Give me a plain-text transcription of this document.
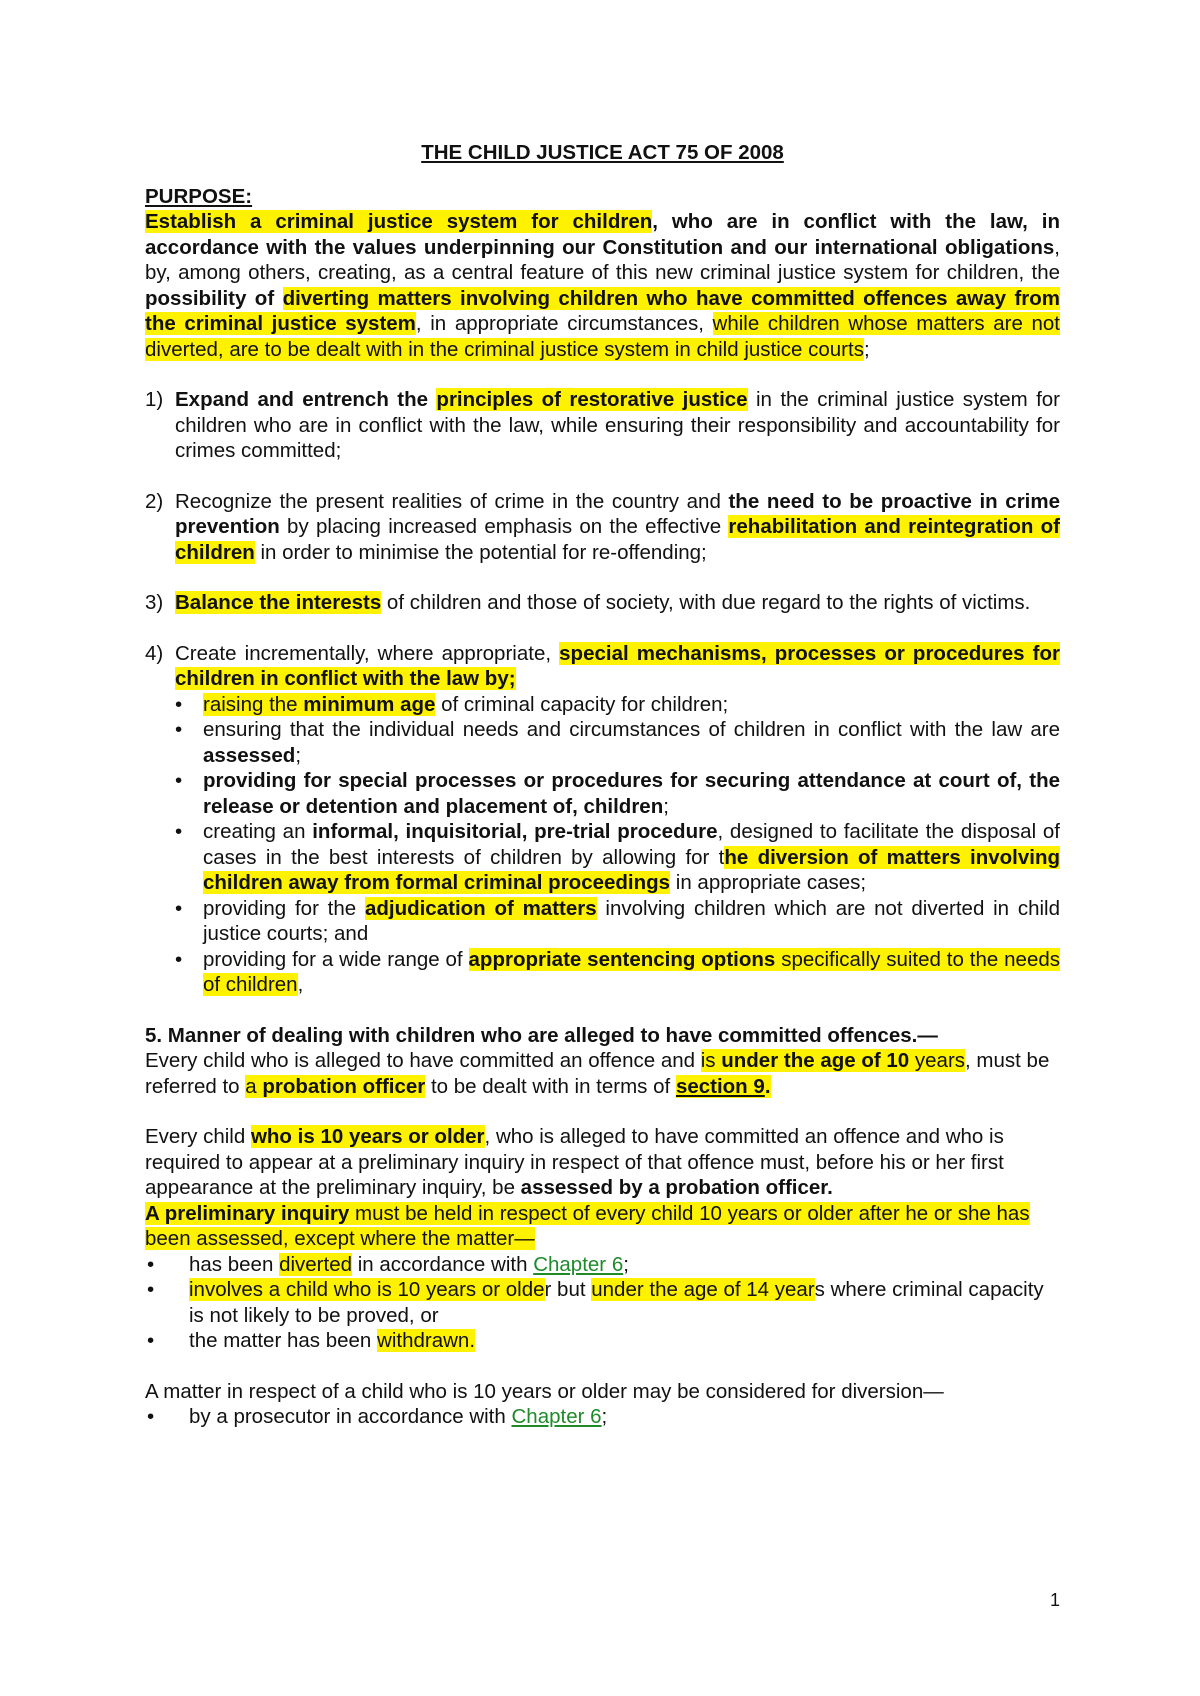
THE CHILD JUSTICE ACT 75 OF 2008

PURPOSE:

Establish a criminal justice system for children, who are in conflict with the law, in accordance with the values underpinning our Constitution and our international obligations, by, among others, creating, as a central feature of this new criminal justice system for children, the possibility of diverting matters involving children who have committed offences away from the criminal justice system, in appropriate circumstances, while children whose matters are not diverted, are to be dealt with in the criminal justice system in child justice courts;

1) Expand and entrench the principles of restorative justice in the criminal justice system for children who are in conflict with the law, while ensuring their responsibility and accountability for crimes committed;

2) Recognize the present realities of crime in the country and the need to be proactive in crime prevention by placing increased emphasis on the effective rehabilitation and reintegration of children in order to minimise the potential for re-offending;

3) Balance the interests of children and those of society, with due regard to the rights of victims.

4) Create incrementally, where appropriate, special mechanisms, processes or procedures for children in conflict with the law by;

• raising the minimum age of criminal capacity for children;
• ensuring that the individual needs and circumstances of children in conflict with the law are assessed;
• providing for special processes or procedures for securing attendance at court of, the release or detention and placement of, children;
• creating an informal, inquisitorial, pre-trial procedure, designed to facilitate the disposal of cases in the best interests of children by allowing for the diversion of matters involving children away from formal criminal proceedings in appropriate cases;
• providing for the adjudication of matters involving children which are not diverted in child justice courts; and
• providing for a wide range of appropriate sentencing options specifically suited to the needs of children,

5. Manner of dealing with children who are alleged to have committed offences.—

Every child who is alleged to have committed an offence and is under the age of 10 years, must be referred to a probation officer to be dealt with in terms of section 9.

Every child who is 10 years or older, who is alleged to have committed an offence and who is required to appear at a preliminary inquiry in respect of that offence must, before his or her first appearance at the preliminary inquiry, be assessed by a probation officer.

A preliminary inquiry must be held in respect of every child 10 years or older after he or she has been assessed, except where the matter—

• has been diverted in accordance with Chapter 6;
• involves a child who is 10 years or older but under the age of 14 years where criminal capacity is not likely to be proved, or
• the matter has been withdrawn.

A matter in respect of a child who is 10 years or older may be considered for diversion—

• by a prosecutor in accordance with Chapter 6;
1
